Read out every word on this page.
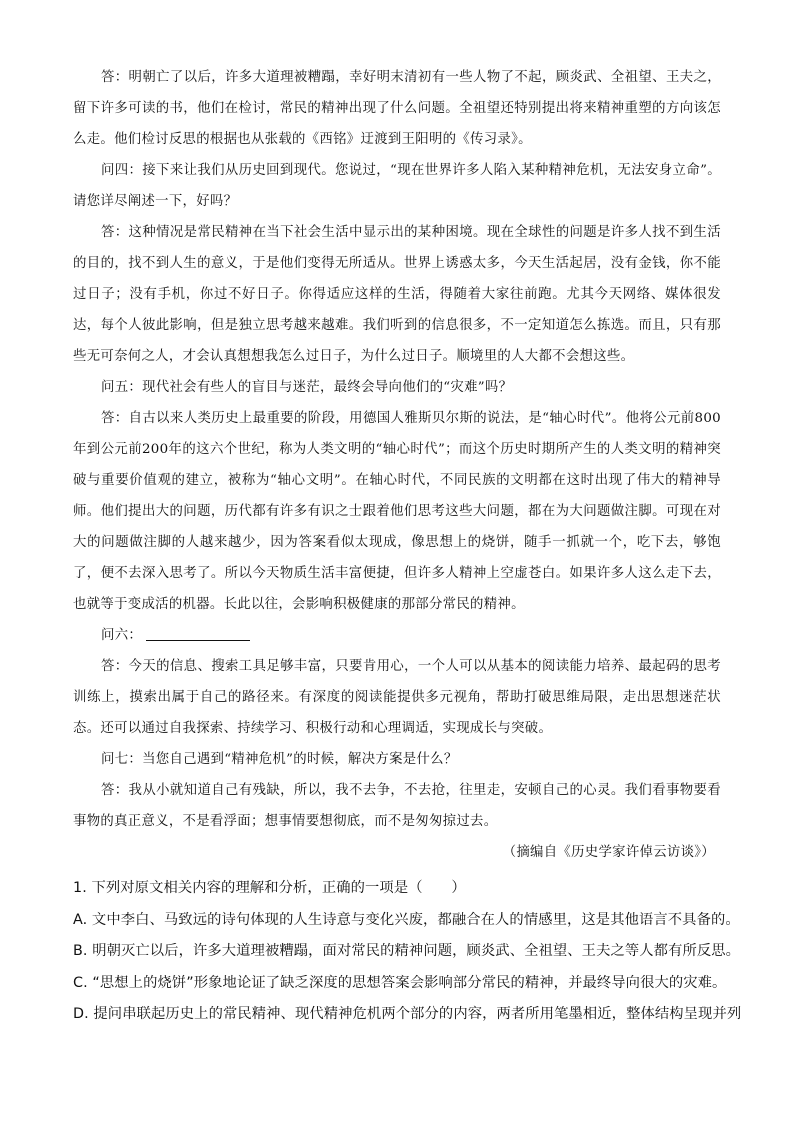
答：明朝亡了以后，许多大道理被糟蹋，幸好明末清初有一些人物了不起，顾炎武、全祖望、王夫之，留下许多可读的书，他们在检讨，常民的精神出现了什么问题。全祖望还特别提出将来精神重塑的方向该怎么走。他们检讨反思的根据也从张载的《西铭》迂渡到王阳明的《传习录》。

问四：接下来让我们从历史回到现代。您说过，“现在世界许多人陷入某种精神危机，无法安身立命”。请您详尽阐述一下，好吗？

答：这种情况是常民精神在当下社会生活中显示出的某种困境。现在全球性的问题是许多人找不到生活的目的，找不到人生的意义，于是他们变得无所适从。世界上诱惑太多，今天生活起居，没有金钱，你不能过日子；没有手机，你过不好日子。你得适应这样的生活，得随着大家往前跑。尤其今天网络、媒体很发达，每个人彼此影响，但是独立思考越来越难。我们听到的信息很多，不一定知道怎么拣选。而且，只有那些无可奈何之人，才会认真想想我怎么过日子，为什么过日子。顺境里的人大都不会想这些。

问五：现代社会有些人的盲目与迷茫，最终会导向他们的“灾难”吗？

答：自古以来人类历史上最重要的阶段，用德国人雅斯贝尔斯的说法，是“轴心时代”。他将公元前800年到公元前200年的这六个世纪，称为人类文明的“轴心时代”；而这个历史时期所产生的人类文明的精神突破与重要价值观的建立，被称为“轴心文明”。在轴心时代，不同民族的文明都在这时出现了伟大的精神导师。他们提出大的问题，历代都有许多有识之士跟着他们思考这些大问题，都在为大问题做注脚。可现在对大的问题做注脚的人越来越少，因为答案看似太现成，像思想上的烧饼，随手一抓就一个，吃下去，够饱了，便不去深入思考了。所以今天物质生活丰富便捷，但许多人精神上空虚苍白。如果许多人这么走下去，也就等于变成活的机器。长此以往，会影响积极健康的那部分常民的精神。

问六：

答：今天的信息、搜索工具足够丰富，只要肯用心，一个人可以从基本的阅读能力培养、最起码的思考训练上，摸索出属于自己的路径来。有深度的阅读能提供多元视角，帮助打破思维局限，走出思想迷茫状态。还可以通过自我探索、持续学习、积极行动和心理调适，实现成长与突破。

问七：当您自己遇到“精神危机”的时候，解决方案是什么？

答：我从小就知道自己有残缺，所以，我不去争，不去抢，往里走，安顿自己的心灵。我们看事物要看事物的真正意义，不是看浮面；想事情要想彻底，而不是匆匆掠过去。

（摘编自《历史学家许倬云访谈》）

1. 下列对原文相关内容的理解和分析，正确的一项是（　　）

A. 文中李白、马致远的诗句体现的人生诗意与变化兴废，都融合在人的情感里，这是其他语言不具备的。

B. 明朝灭亡以后，许多大道理被糟蹋，面对常民的精神问题，顾炎武、全祖望、王夫之等人都有所反思。

C. “思想上的烧饼”形象地论证了缺乏深度的思想答案会影响部分常民的精神，并最终导向很大的灾难。

D. 提问串联起历史上的常民精神、现代精神危机两个部分的内容，两者所用笔墨相近，整体结构呈现并列
